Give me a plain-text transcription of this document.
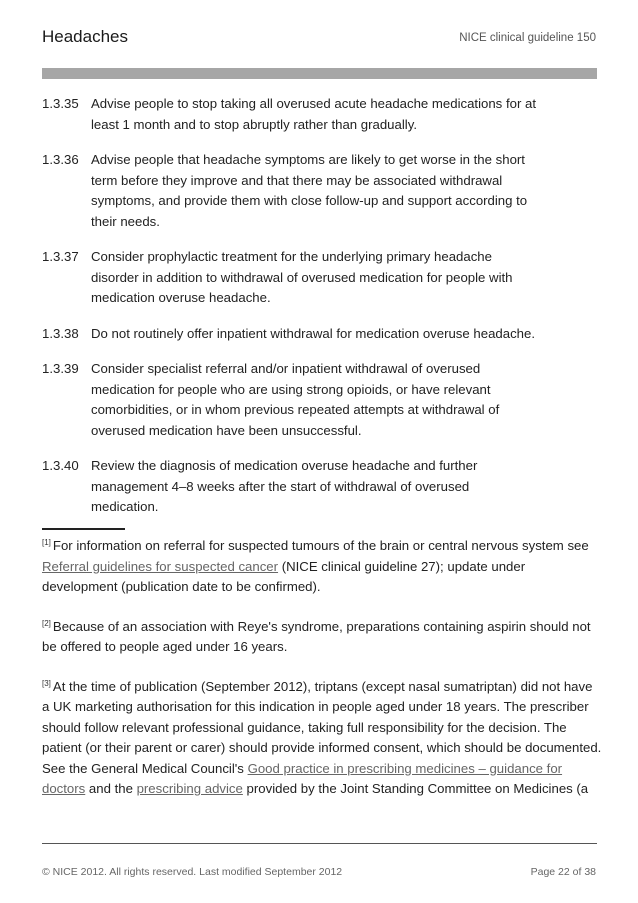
Headaches	NICE clinical guideline 150
1.3.35 Advise people to stop taking all overused acute headache medications for at least 1 month and to stop abruptly rather than gradually.
1.3.36 Advise people that headache symptoms are likely to get worse in the short term before they improve and that there may be associated withdrawal symptoms, and provide them with close follow-up and support according to their needs.
1.3.37 Consider prophylactic treatment for the underlying primary headache disorder in addition to withdrawal of overused medication for people with medication overuse headache.
1.3.38 Do not routinely offer inpatient withdrawal for medication overuse headache.
1.3.39 Consider specialist referral and/or inpatient withdrawal of overused medication for people who are using strong opioids, or have relevant comorbidities, or in whom previous repeated attempts at withdrawal of overused medication have been unsuccessful.
1.3.40 Review the diagnosis of medication overuse headache and further management 4–8 weeks after the start of withdrawal of overused medication.
[1] For information on referral for suspected tumours of the brain or central nervous system see Referral guidelines for suspected cancer (NICE clinical guideline 27); update under development (publication date to be confirmed).
[2] Because of an association with Reye's syndrome, preparations containing aspirin should not be offered to people aged under 16 years.
[3] At the time of publication (September 2012), triptans (except nasal sumatriptan) did not have a UK marketing authorisation for this indication in people aged under 18 years. The prescriber should follow relevant professional guidance, taking full responsibility for the decision. The patient (or their parent or carer) should provide informed consent, which should be documented. See the General Medical Council's Good practice in prescribing medicines – guidance for doctors and the prescribing advice provided by the Joint Standing Committee on Medicines (a
© NICE 2012. All rights reserved. Last modified September 2012	Page 22 of 38
